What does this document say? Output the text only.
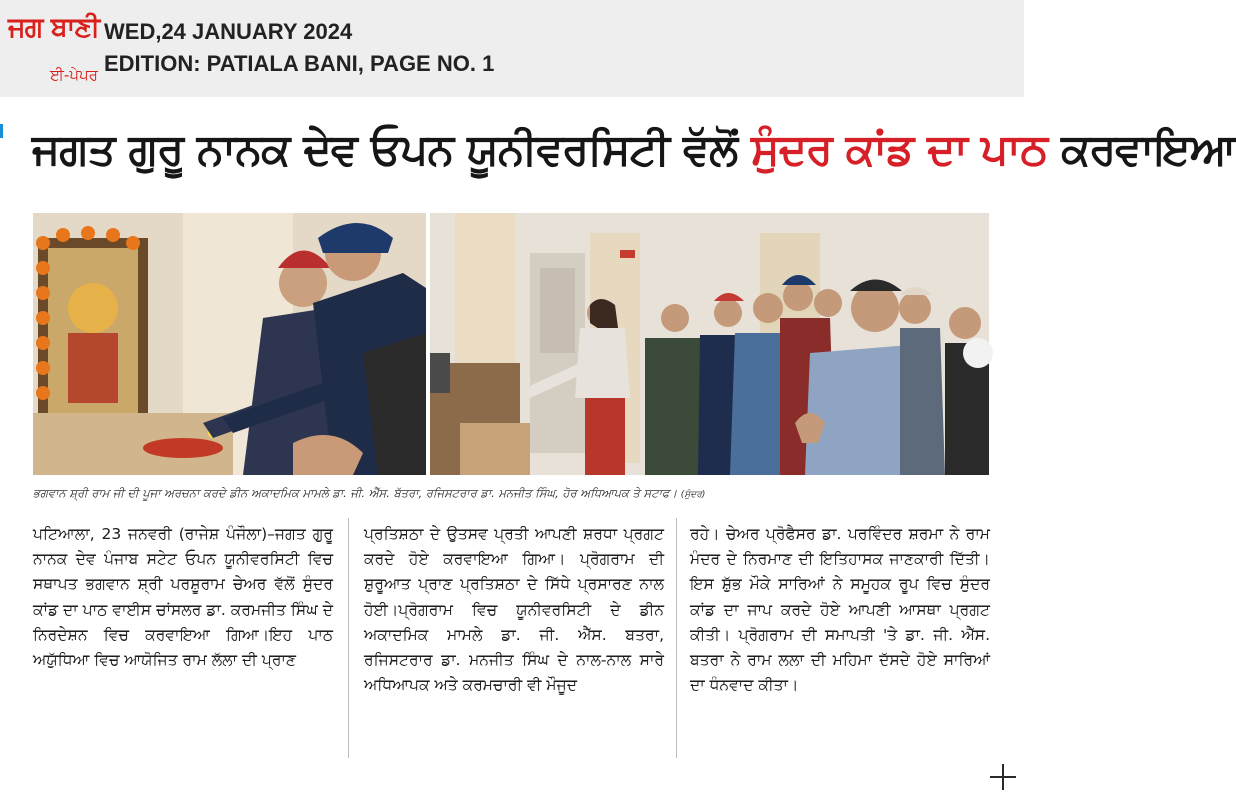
ਜਗ ਬਾਣੀ
ਈ-ਪੇਪਰ
WED,24 JANUARY 2024
EDITION: PATIALA BANI, PAGE NO. 1
ਜਗਤ ਗੁਰੂ ਨਾਨਕ ਦੇਵ ਓਪਨ ਯੂਨੀਵਰਸਿਟੀ ਵੱਲੋਂ ਸੁੰਦਰ ਕਾਂਡ ਦਾ ਪਾਠ ਕਰਵਾਇਆ
ਭਗਵਾਨ ਸ਼੍ਰੀ ਰਾਮ ਜੀ ਦੀ ਪੂਜਾ ਅਰਚਨਾ ਕਰਦੇ ਡੀਨ ਅਕਾਦਮਿਕ ਮਾਮਲੇ ਡਾ. ਜੀ. ਐੱਸ. ਬੱਤਰਾ, ਰਜਿਸਟਰਾਰ ਡਾ. ਮਨਜੀਤ ਸਿੰਘ, ਹੋਰ ਅਧਿਆਪਕ ਤੇ ਸਟਾਫ। (ਸੁੰਦਰ)
ਪਟਿਆਲਾ, 23 ਜਨਵਰੀ (ਰਾਜੇਸ਼ ਪੰਜੌਲਾ)–ਜਗਤ ਗੁਰੂ ਨਾਨਕ ਦੇਵ ਪੰਜਾਬ ਸਟੇਟ ਓਪਨ ਯੂਨੀਵਰਸਿਟੀ ਵਿਚ ਸਥਾਪਤ ਭਗਵਾਨ ਸ਼੍ਰੀ ਪਰਸ਼ੂਰਾਮ ਚੇਅਰ ਵੱਲੋਂ ਸੁੰਦਰ ਕਾਂਡ ਦਾ ਪਾਠ ਵਾਈਸ ਚਾਂਸਲਰ ਡਾ. ਕਰਮਜੀਤ ਸਿੰਘ ਦੇ ਨਿਰਦੇਸ਼ਨ ਵਿਚ ਕਰਵਾਇਆ ਗਿਆ।ਇਹ ਪਾਠ ਅਯੁੱਧਿਆ ਵਿਚ ਆਯੋਜਿਤ ਰਾਮ ਲੱਲਾ ਦੀ ਪ੍ਰਾਣ
ਪ੍ਰਤਿਸ਼ਠਾ ਦੇ ਉਤਸਵ ਪ੍ਰਤੀ ਆਪਣੀ ਸ਼ਰਧਾ ਪ੍ਰਗਟ ਕਰਦੇ ਹੋਏ ਕਰਵਾਇਆ ਗਿਆ। ਪ੍ਰੋਗਰਾਮ ਦੀ ਸ਼ੁਰੂਆਤ ਪ੍ਰਾਣ ਪ੍ਰਤਿਸ਼ਠਾ ਦੇ ਸਿੱਧੇ ਪ੍ਰਸਾਰਣ ਨਾਲ ਹੋਈ।ਪ੍ਰੋਗਰਾਮ ਵਿਚ ਯੂਨੀਵਰਸਿਟੀ ਦੇ ਡੀਨ ਅਕਾਦਮਿਕ ਮਾਮਲੇ ਡਾ. ਜੀ. ਐੱਸ. ਬਤਰਾ, ਰਜਿਸਟਰਾਰ ਡਾ. ਮਨਜੀਤ ਸਿੰਘ ਦੇ ਨਾਲ-ਨਾਲ ਸਾਰੇ ਅਧਿਆਪਕ ਅਤੇ ਕਰਮਚਾਰੀ ਵੀ ਮੌਜੂਦ
ਰਹੇ। ਚੇਅਰ ਪ੍ਰੋਫੈਸਰ ਡਾ. ਪਰਵਿੰਦਰ ਸ਼ਰਮਾ ਨੇ ਰਾਮ ਮੰਦਰ ਦੇ ਨਿਰਮਾਣ ਦੀ ਇਤਿਹਾਸਕ ਜਾਣਕਾਰੀ ਦਿੱਤੀ। ਇਸ ਸ਼ੁੱਭ ਮੌਕੇ ਸਾਰਿਆਂ ਨੇ ਸਮੂਹਕ ਰੂਪ ਵਿਚ ਸੁੰਦਰ ਕਾਂਡ ਦਾ ਜਾਪ ਕਰਦੇ ਹੋਏ ਆਪਣੀ ਆਸਥਾ ਪ੍ਰਗਟ ਕੀਤੀ। ਪ੍ਰੋਗਰਾਮ ਦੀ ਸਮਾਪਤੀ 'ਤੇ ਡਾ. ਜੀ. ਐੱਸ. ਬਤਰਾ ਨੇ ਰਾਮ ਲਲਾ ਦੀ ਮਹਿਮਾ ਦੱਸਦੇ ਹੋਏ ਸਾਰਿਆਂ ਦਾ ਧੰਨਵਾਦ ਕੀਤਾ।
